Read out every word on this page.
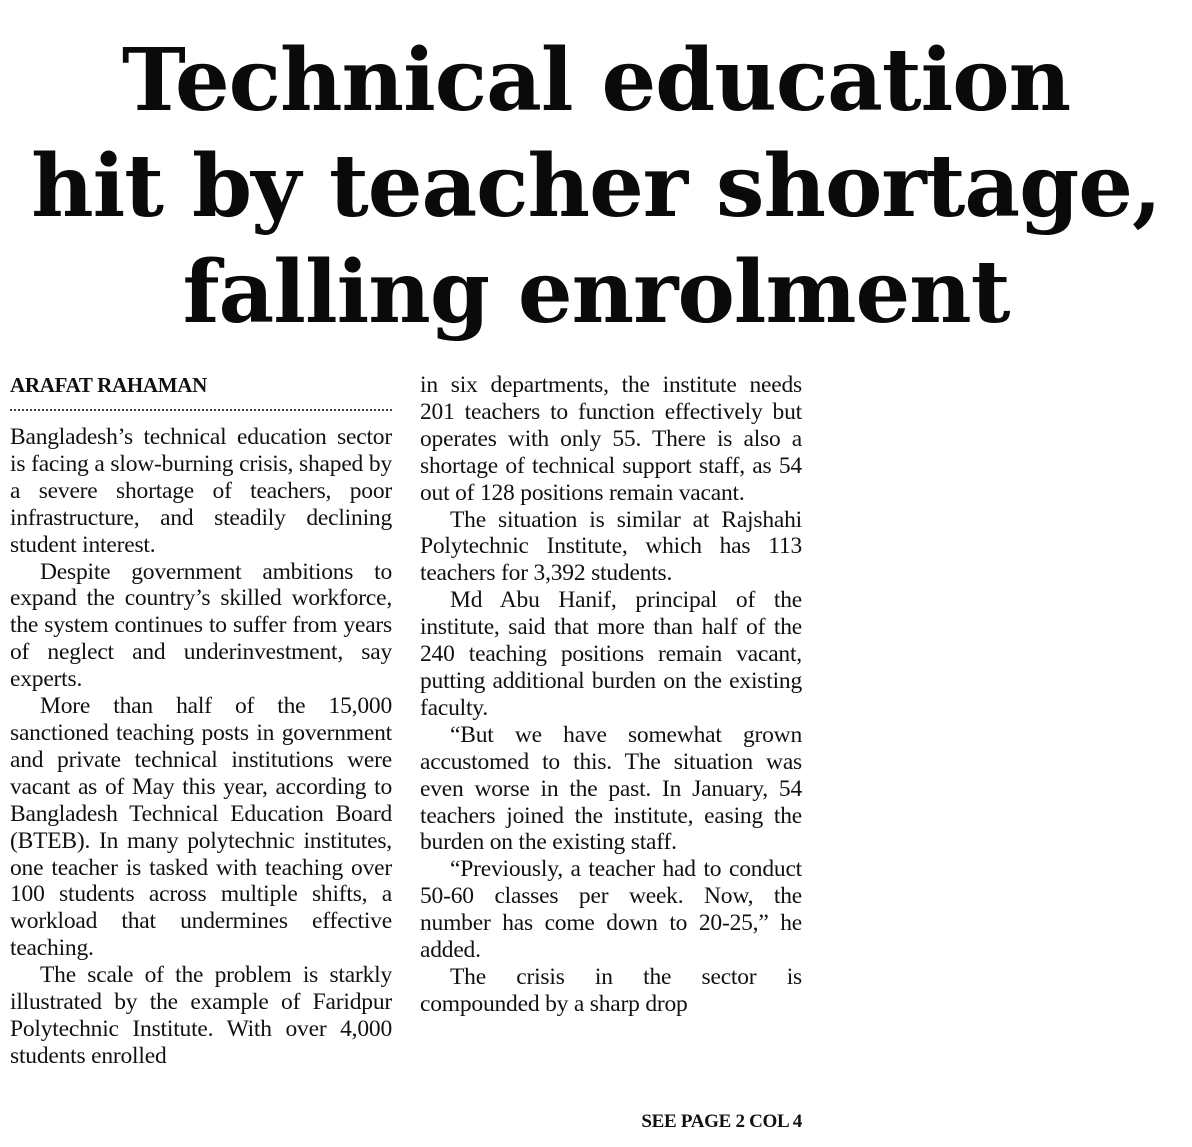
Technical education
hit by teacher shortage,
falling enrolment
ARAFAT RAHAMAN

Bangladesh’s technical education sector is facing a slow-burning crisis, shaped by a severe shortage of teachers, poor infrastructure, and steadily declining student interest.

Despite government ambitions to expand the country’s skilled workforce, the system continues to suffer from years of neglect and underinvestment, say experts.

More than half of the 15,000 sanctioned teaching posts in government and private technical institutions were vacant as of May this year, according to Bangladesh Technical Education Board (BTEB). In many polytechnic institutes, one teacher is tasked with teaching over 100 students across multiple shifts, a workload that undermines effective teaching.

The scale of the problem is starkly illustrated by the example of Faridpur Polytechnic Institute. With over 4,000 students enrolled

in six departments, the institute needs 201 teachers to function effectively but operates with only 55. There is also a shortage of technical support staff, as 54 out of 128 positions remain vacant.

The situation is similar at Rajshahi Polytechnic Institute, which has 113 teachers for 3,392 students.

Md Abu Hanif, principal of the institute, said that more than half of the 240 teaching positions remain vacant, putting additional burden on the existing faculty.

“But we have somewhat grown accustomed to this. The situation was even worse in the past. In January, 54 teachers joined the institute, easing the burden on the existing staff.

“Previously, a teacher had to conduct 50-60 classes per week. Now, the number has come down to 20-25,” he added.

The crisis in the sector is compounded by a sharp drop

SEE PAGE 2 COL 4
